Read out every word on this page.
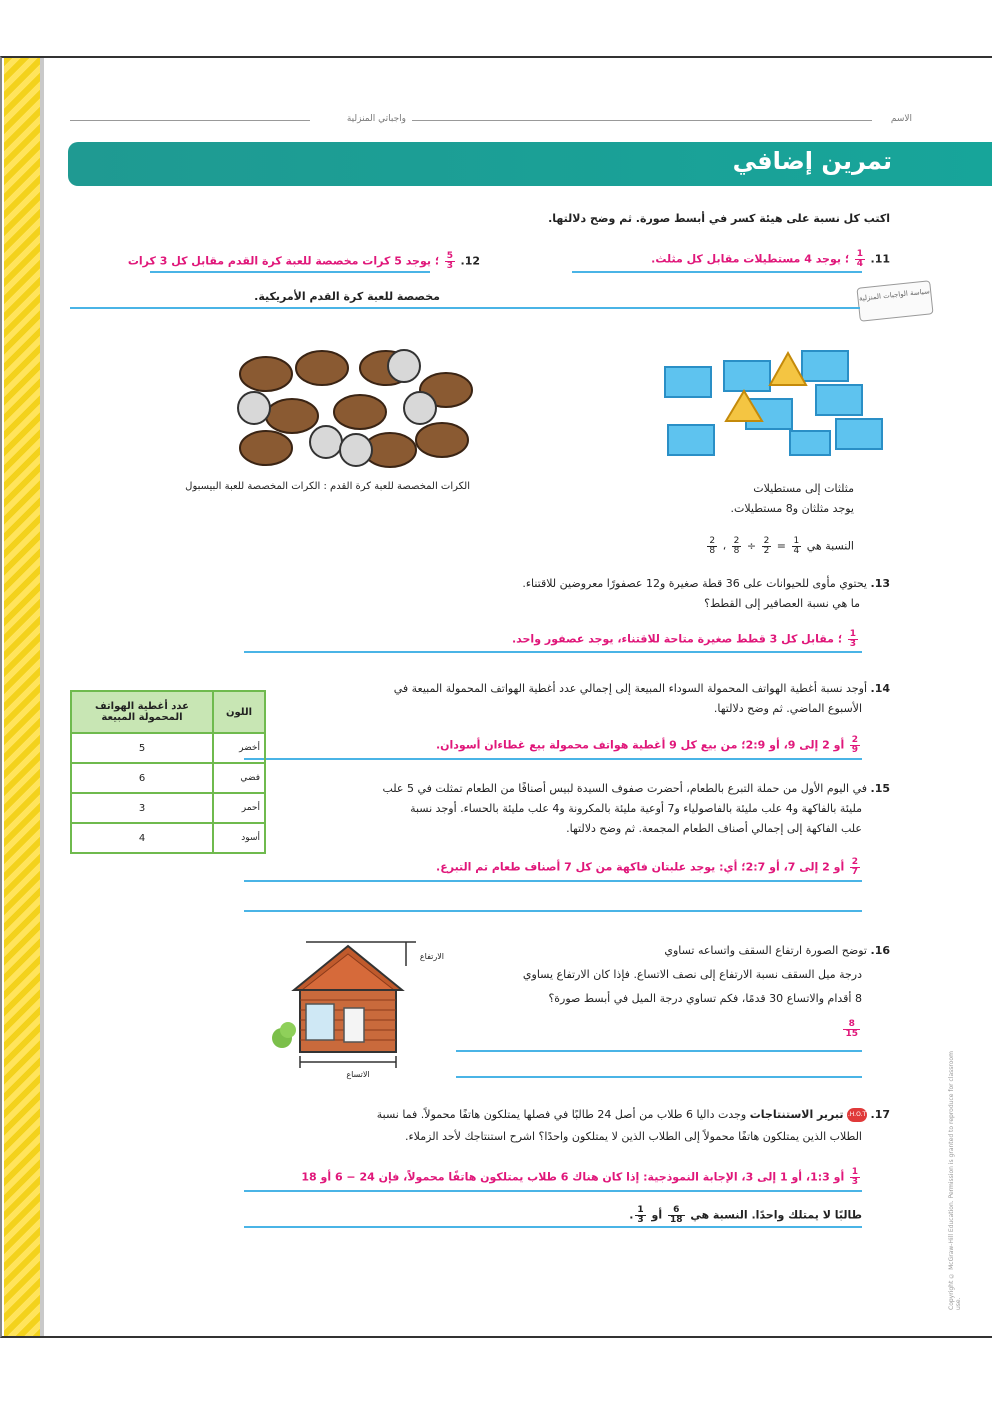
واجباتي المنزلية	الاسم
تمرين إضافي
اكتب كل نسبة على هيئة كسر في أبسط صورة. ثم وضح دلالتها.
11.
$\frac{1}{4}$
؛ يوجد 4 مستطيلات مقابل كل مثلث.
سياسة الواجبات المنزلية
مثلثات إلى مستطيلات
يوجد مثلثان و8 مستطيلات.
النسبة هي
$\frac{1}{4}$
=
$\frac{2}{2}$
÷
$\frac{2}{8}$
،
$\frac{2}{8}$
12.
$\frac{5}{3}$
؛ يوجد 5 كرات مخصصة للعبة كرة القدم مقابل كل 3 كرات
مخصصة للعبة كرة القدم الأمريكية.
الكرات المخصصة للعبة كرة القدم : الكرات المخصصة للعبة البيسبول
13. يحتوي مأوى للحيوانات على 36 قطة صغيرة و12 عصفورًا معروضين للاقتناء.
ما هي نسبة العصافير إلى القطط؟
$\frac{1}{3}$
؛ مقابل كل 3 قطط صغيرة متاحة للاقتناء، يوجد عصفور واحد.
14. أوجد نسبة أغطية الهواتف المحمولة السوداء المبيعة إلى إجمالي عدد أغطية الهواتف المحمولة المبيعة في
الأسبوع الماضي. ثم وضح دلالتها.
$\frac{2}{9}$
أو 2 إلى 9، أو 2:9؛ من بيع كل 9 أغطية هواتف محمولة بيع غطاءان أسودان.
اللون	عدد أغطية الهواتف المحمولة المبيعة
أخضر	5
فضي	6
أحمر	3
أسود	4
15. في اليوم الأول من حملة التبرع بالطعام، أحضرت صفوف السيدة لبيس أصنافًا من الطعام تمثلت في 5 علب
مليئة بالفاكهة و4 علب مليئة بالفاصولياء و7 أوعية مليئة بالمكرونة و4 علب مليئة بالحساء. أوجد نسبة
علب الفاكهة إلى إجمالي أصناف الطعام المجمعة. ثم وضح دلالتها.
$\frac{2}{7}$
أو 2 إلى 7، أو 2:7؛ أي: يوجد علبتان فاكهة من كل 7 أصناف طعام تم التبرع.
16. توضح الصورة ارتفاع السقف واتساعه تساوي
درجة ميل السقف نسبة الارتفاع إلى نصف الاتساع. فإذا كان الارتفاع يساوي
8 أقدام والاتساع 30 قدمًا، فكم تساوي درجة الميل في أبسط صورة؟
$\frac{8}{15}$
الارتفاع
الاتساع
17. H.O.T. تبرير الاستنتاجات وجدت داليا 6 طلاب من أصل 24 طالبًا في فصلها يمتلكون هاتفًا محمولاً. فما نسبة
الطلاب الذين يمتلكون هاتفًا محمولاً إلى الطلاب الذين لا يمتلكون واحدًا؟ اشرح استنتاجك لأحد الزملاء.
$\frac{1}{3}$
أو 1:3، أو 1 إلى 3، الإجابة النموذجية: إذا كان هناك 6 طلاب يمتلكون هاتفًا محمولاً، فإن 24 − 6 أو 18
طالبًا لا يمتلك واحدًا. النسبة هي
$\frac{6}{18}$
أو
$\frac{1}{3}$
.	Copyright © McGraw-Hill Education. Permission is granted to reproduce for classroom use.
